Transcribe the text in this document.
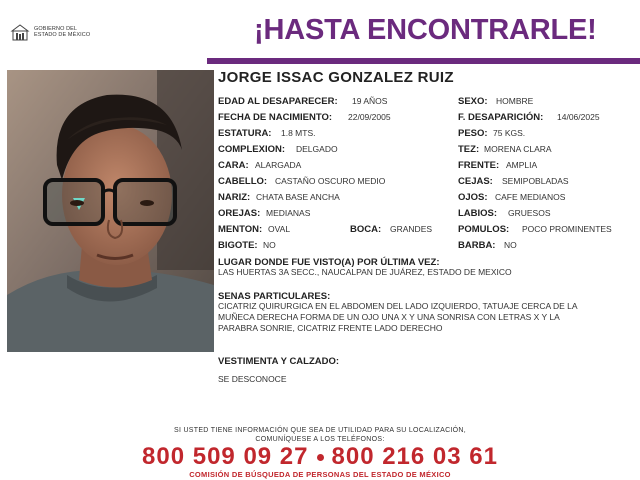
GOBIERNO DEL
ESTADO DE MÉXICO	¡HASTA ENCONTRARLE!
JORGE ISSAC GONZALEZ RUIZ
EDAD AL DESAPARECER: 19 AÑOS
FECHA DE NACIMIENTO: 22/09/2005
ESTATURA: 1.8 MTS.
COMPLEXION: DELGADO
CARA: ALARGADA
CABELLO: CASTAÑO OSCURO MEDIO
NARIZ: CHATA BASE ANCHA
OREJAS: MEDIANAS
MENTON: OVAL	BOCA: GRANDES
BIGOTE: NO
SEXO: HOMBRE
F. DESAPARICIÓN: 14/06/2025
PESO: 75 KGS.
TEZ: MORENA CLARA
FRENTE: AMPLIA
CEJAS: SEMIPOBLADAS
OJOS: CAFE MEDIANOS
LABIOS: GRUESOS
POMULOS: POCO PROMINENTES
BARBA: NO
LUGAR DONDE FUE VISTO(A) POR ÚLTIMA VEZ:
LAS HUERTAS 3A SECC., NAUCALPAN DE JUÁREZ, ESTADO DE MEXICO
SENAS PARTICULARES:
CICATRIZ QUIRURGICA EN EL ABDOMEN DEL LADO IZQUIERDO, TATUAJE CERCA DE LA
MUÑECA DERECHA FORMA DE UN OJO UNA X Y UNA SONRISA CON LETRAS X Y LA
PARABRA SONRIE, CICATRIZ FRENTE LADO DERECHO
VESTIMENTA Y CALZADO:
SE DESCONOCE
SI USTED TIENE INFORMACIÓN QUE SEA DE UTILIDAD PARA SU LOCALIZACIÓN,
COMUNÍQUESE A LOS TELÉFONOS:
800 509 09 27 800 216 03 61
COMISIÓN DE BÚSQUEDA DE PERSONAS DEL ESTADO DE MÉXICO
